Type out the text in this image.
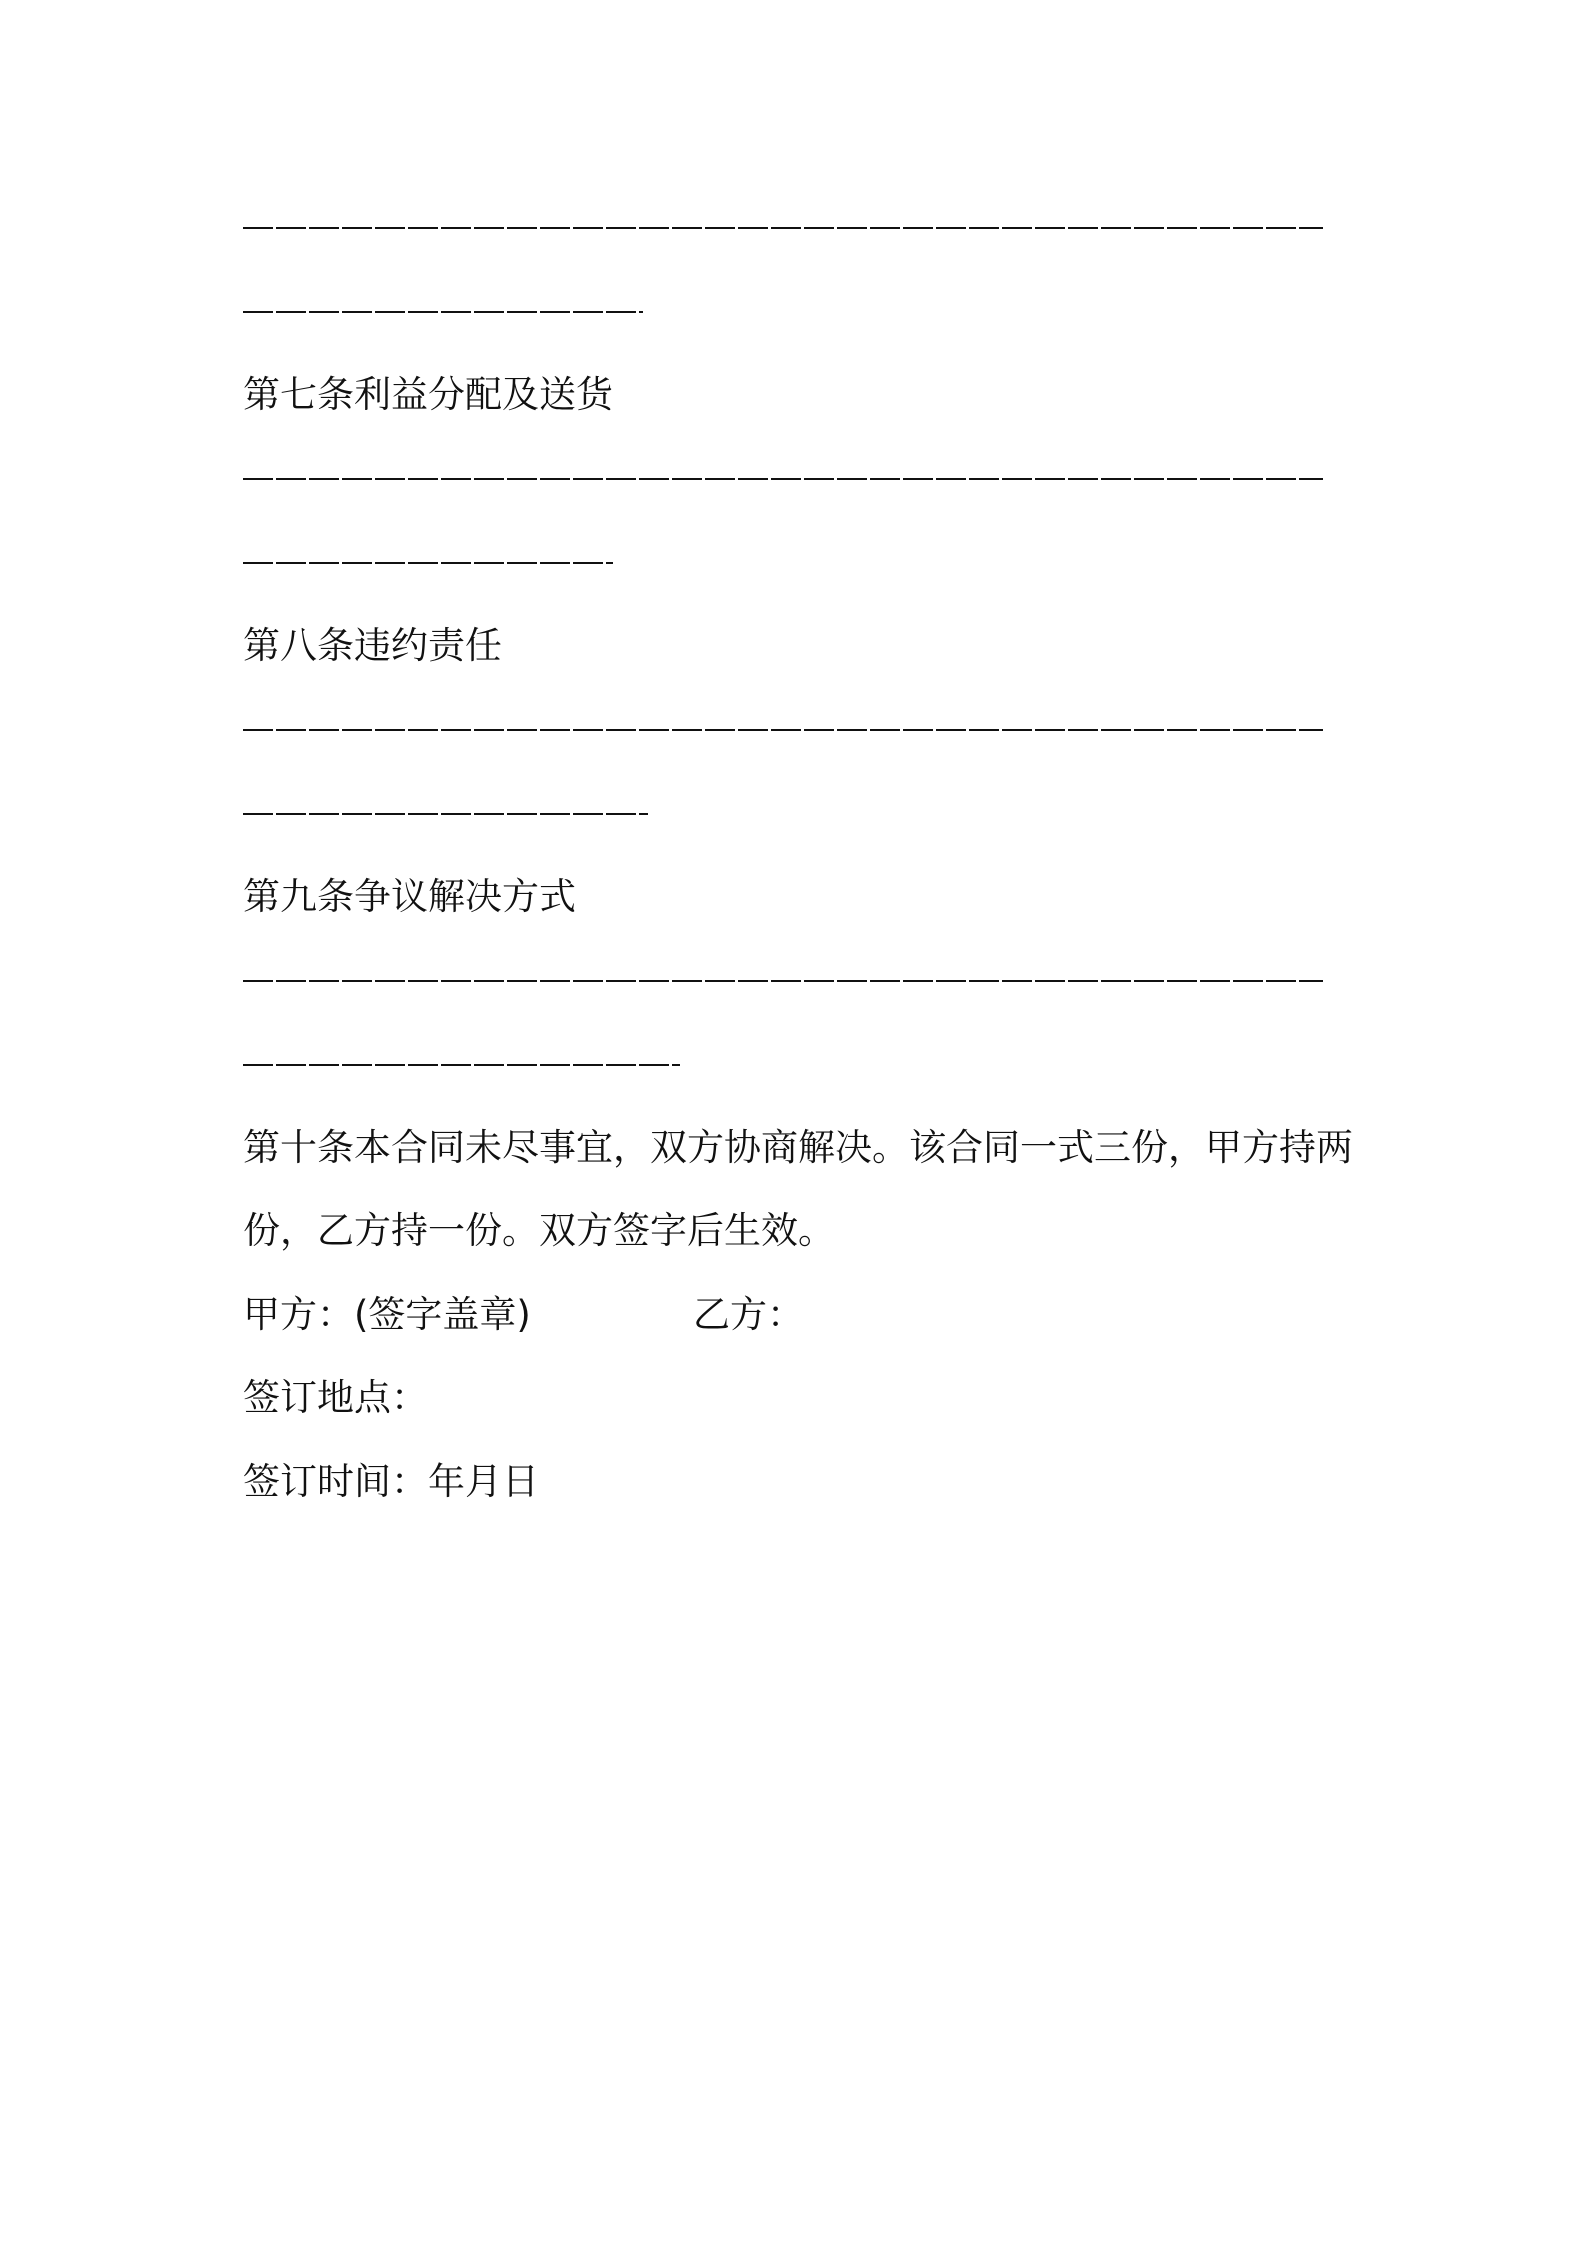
第七条利益分配及送货
第八条违约责任
第九条争议解决方式
第十条本合同未尽事宜，双方协商解决。该合同一式三份，甲方持两
份，乙方持一份。双方签字后生效。
甲方：(签字盖章)	乙方：
签订地点：
签订时间：年月日
